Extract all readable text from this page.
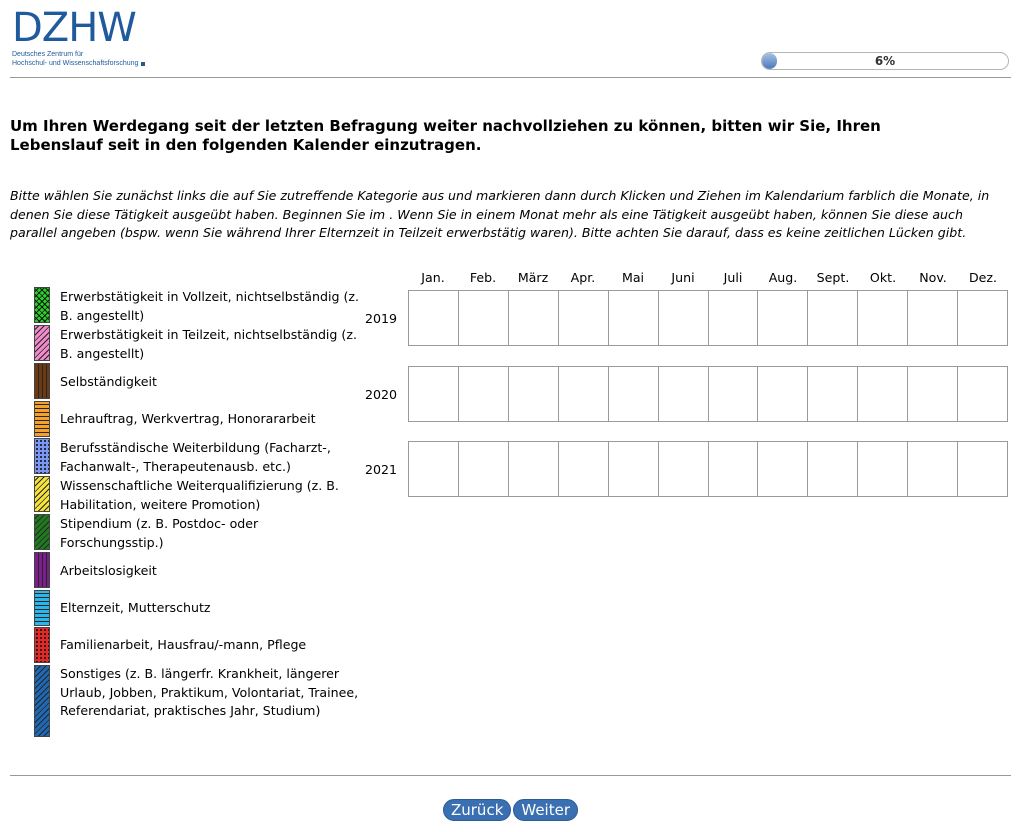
DZHW
Deutsches Zentrum für
Hochschul- und Wissenschaftsforschung	6%
Um Ihren Werdegang seit der letzten Befragung weiter nachvollziehen zu können, bitten wir Sie, Ihren Lebenslauf seit in den folgenden Kalender einzutragen.
Bitte wählen Sie zunächst links die auf Sie zutreffende Kategorie aus und markieren dann durch Klicken und Ziehen im Kalendarium farblich die Monate, in denen Sie diese Tätigkeit ausgeübt haben. Beginnen Sie im . Wenn Sie in einem Monat mehr als eine Tätigkeit ausgeübt haben, können Sie diese auch parallel angeben (bspw. wenn Sie während Ihrer Elternzeit in Teilzeit erwerbstätig waren). Bitte achten Sie darauf, dass es keine zeitlichen Lücken gibt.
Erwerbstätigkeit in Vollzeit, nichtselbständig (z. B. angestellt)
Erwerbstätigkeit in Teilzeit, nichtselbständig (z. B. angestellt)
Selbständigkeit
Lehrauftrag, Werkvertrag, Honorararbeit
Berufsständische Weiterbildung (Facharzt-, Fachanwalt-, Therapeutenausb. etc.)
Wissenschaftliche Weiterqualifizierung (z. B. Habilitation, weitere Promotion)
Stipendium (z. B. Postdoc- oder Forschungsstip.)
Arbeitslosigkeit
Elternzeit, Mutterschutz
Familienarbeit, Hausfrau/-mann, Pflege
Sonstiges (z. B. längerfr. Krankheit, längerer Urlaub, Jobben, Praktikum, Volontariat, Trainee, Referendariat, praktisches Jahr, Studium)
Jan.	Feb.	März	Apr.	Mai	Juni	Juli	Aug.	Sept.	Okt.	Nov.	Dez.
2019
2020
2021
Zurück Weiter
